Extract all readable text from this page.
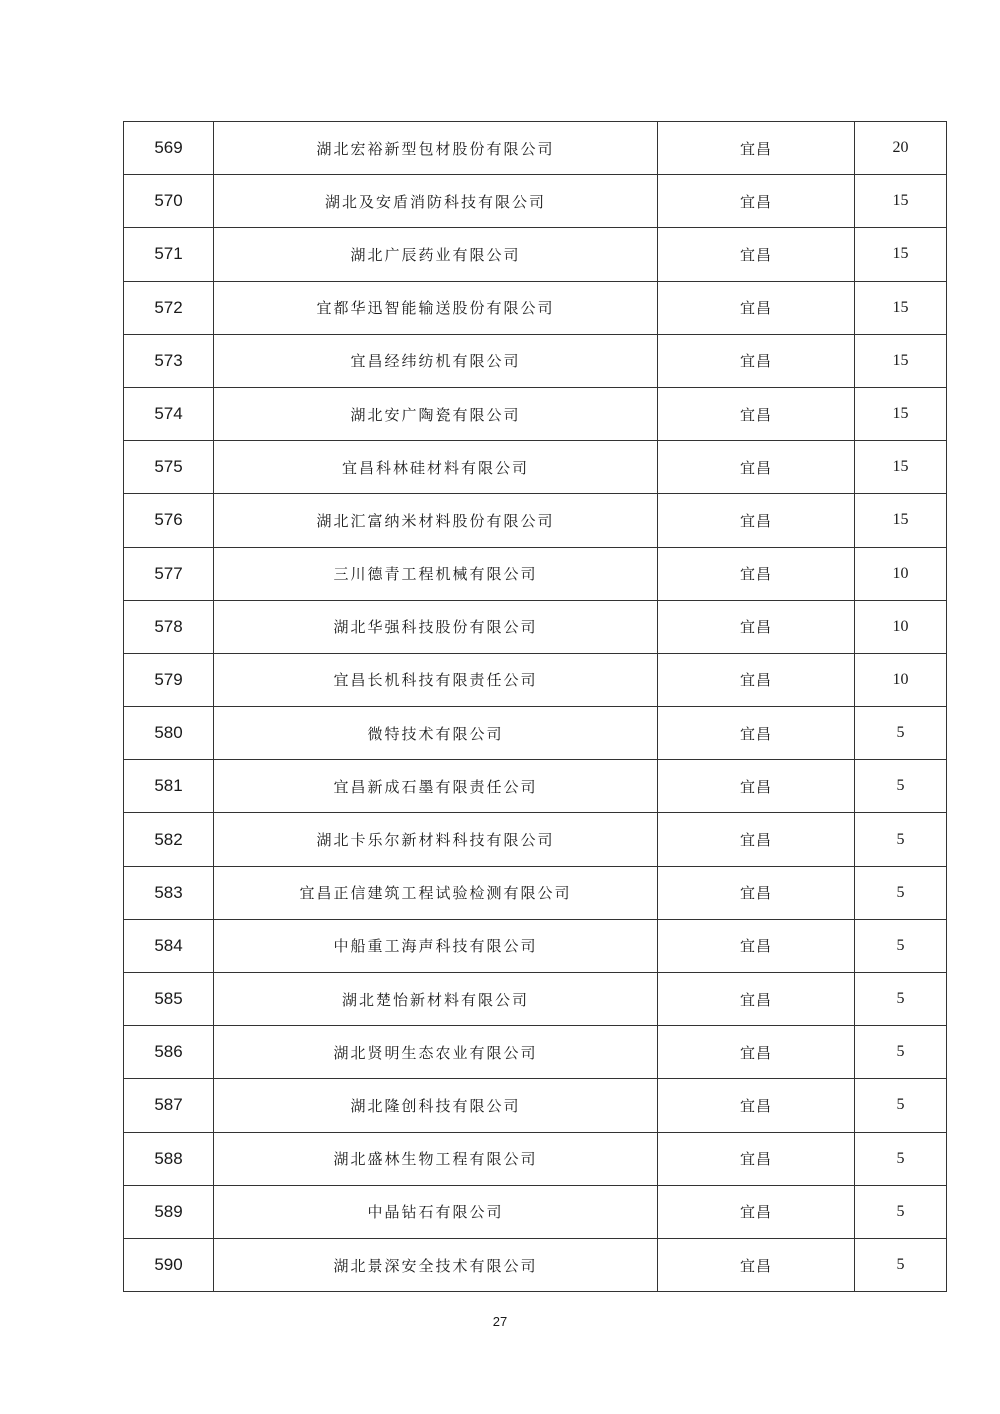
569	湖北宏裕新型包材股份有限公司	宜昌	20
570	湖北及安盾消防科技有限公司	宜昌	15
571	湖北广辰药业有限公司	宜昌	15
572	宜都华迅智能输送股份有限公司	宜昌	15
573	宜昌经纬纺机有限公司	宜昌	15
574	湖北安广陶瓷有限公司	宜昌	15
575	宜昌科林硅材料有限公司	宜昌	15
576	湖北汇富纳米材料股份有限公司	宜昌	15
577	三川德青工程机械有限公司	宜昌	10
578	湖北华强科技股份有限公司	宜昌	10
579	宜昌长机科技有限责任公司	宜昌	10
580	微特技术有限公司	宜昌	5
581	宜昌新成石墨有限责任公司	宜昌	5
582	湖北卡乐尔新材料科技有限公司	宜昌	5
583	宜昌正信建筑工程试验检测有限公司	宜昌	5
584	中船重工海声科技有限公司	宜昌	5
585	湖北楚怡新材料有限公司	宜昌	5
586	湖北贤明生态农业有限公司	宜昌	5
587	湖北隆创科技有限公司	宜昌	5
588	湖北盛林生物工程有限公司	宜昌	5
589	中晶钻石有限公司	宜昌	5
590	湖北景深安全技术有限公司	宜昌	5
27
